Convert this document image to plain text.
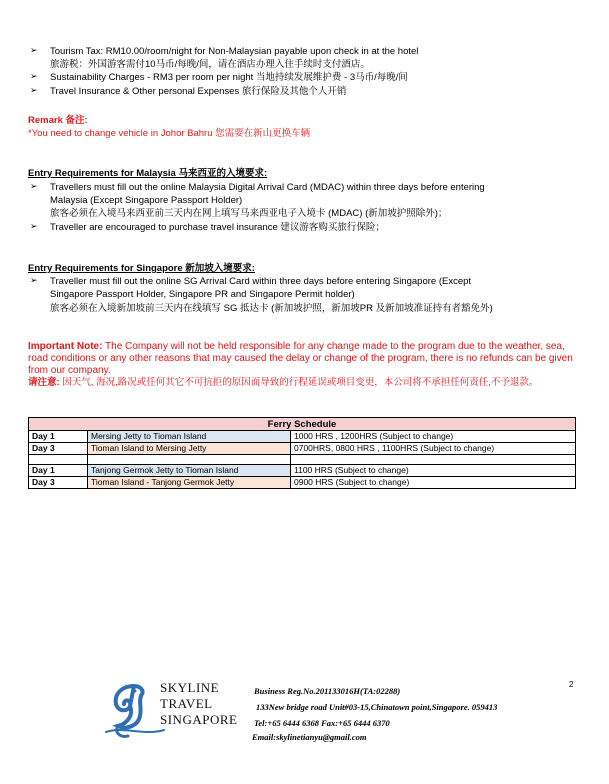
➢ Tourism Tax: RM10.00/room/night for Non-Malaysian payable upon check in at the hotel
旅游税：外国游客需付10马币/每晚/间，请在酒店办理入住手续时支付酒店。
➢ Sustainability Charges - RM3 per room per night 当地持续发展维护费 - 3马币/每晚/间
➢ Travel Insurance & Other personal Expenses 旅行保险及其他个人开销
Remark 备注:
*You need to change vehicle in Johor Bahru 您需要在新山更换车辆
Entry Requirements for Malaysia 马来西亚的入境要求:
➢ Travellers must fill out the online Malaysia Digital Arrival Card (MDAC) within three days before entering
Malaysia (Except Singapore Passport Holder)
旅客必须在入境马来西亚前三天内在网上填写马来西亚电子入境卡 (MDAC) (新加坡护照除外)；
➢ Traveller are encouraged to purchase travel insurance 建议游客购买旅行保险；
Entry Requirements for Singapore 新加坡入境要求:
➢ Traveller must fill out the online SG Arrival Card within three days before entering Singapore (Except
Singapore Passport Holder, Singapore PR and Singapore Permit holder)
旅客必须在入境新加坡前三天内在线填写 SG 抵达卡 (新加坡护照，新加坡PR 及新加坡准证持有者豁免外)
Important Note: The Company will not be held responsible for any change made to the program due to the weather, sea, road conditions or any other reasons that may caused the delay or change of the program, there is no refunds can be given from our company.
请注意: 因天气, 海况,路况或任何其它不可抗拒的原因而导致的行程延误或项目变更，本公司将不承担任何责任,不予退款。
Ferry Schedule		
Day 1	Mersing Jetty to Tioman Island	1000 HRS , 1200HRS (Subject to change)
Day 3	Tioman Island to Mersing Jetty	0700HRS, 0800 HRS , 1100HRS (Subject to change)

Day 1	Tanjong Germok Jetty to Tioman Island	1100 HRS (Subject to change)
Day 3	Tioman Island - Tanjong Germok Jetty	0900 HRS (Subject to change)
2
SKYLINE
TRAVEL
SINGAPORE
Business Reg.No.201133016H(TA:02288)
133New bridge road Unit#03-15,Chinatown point,Singapore. 059413
Tel:+65 6444 6368 Fax:+65 6444 6370
Email:skylinetianyu@gmail.com
